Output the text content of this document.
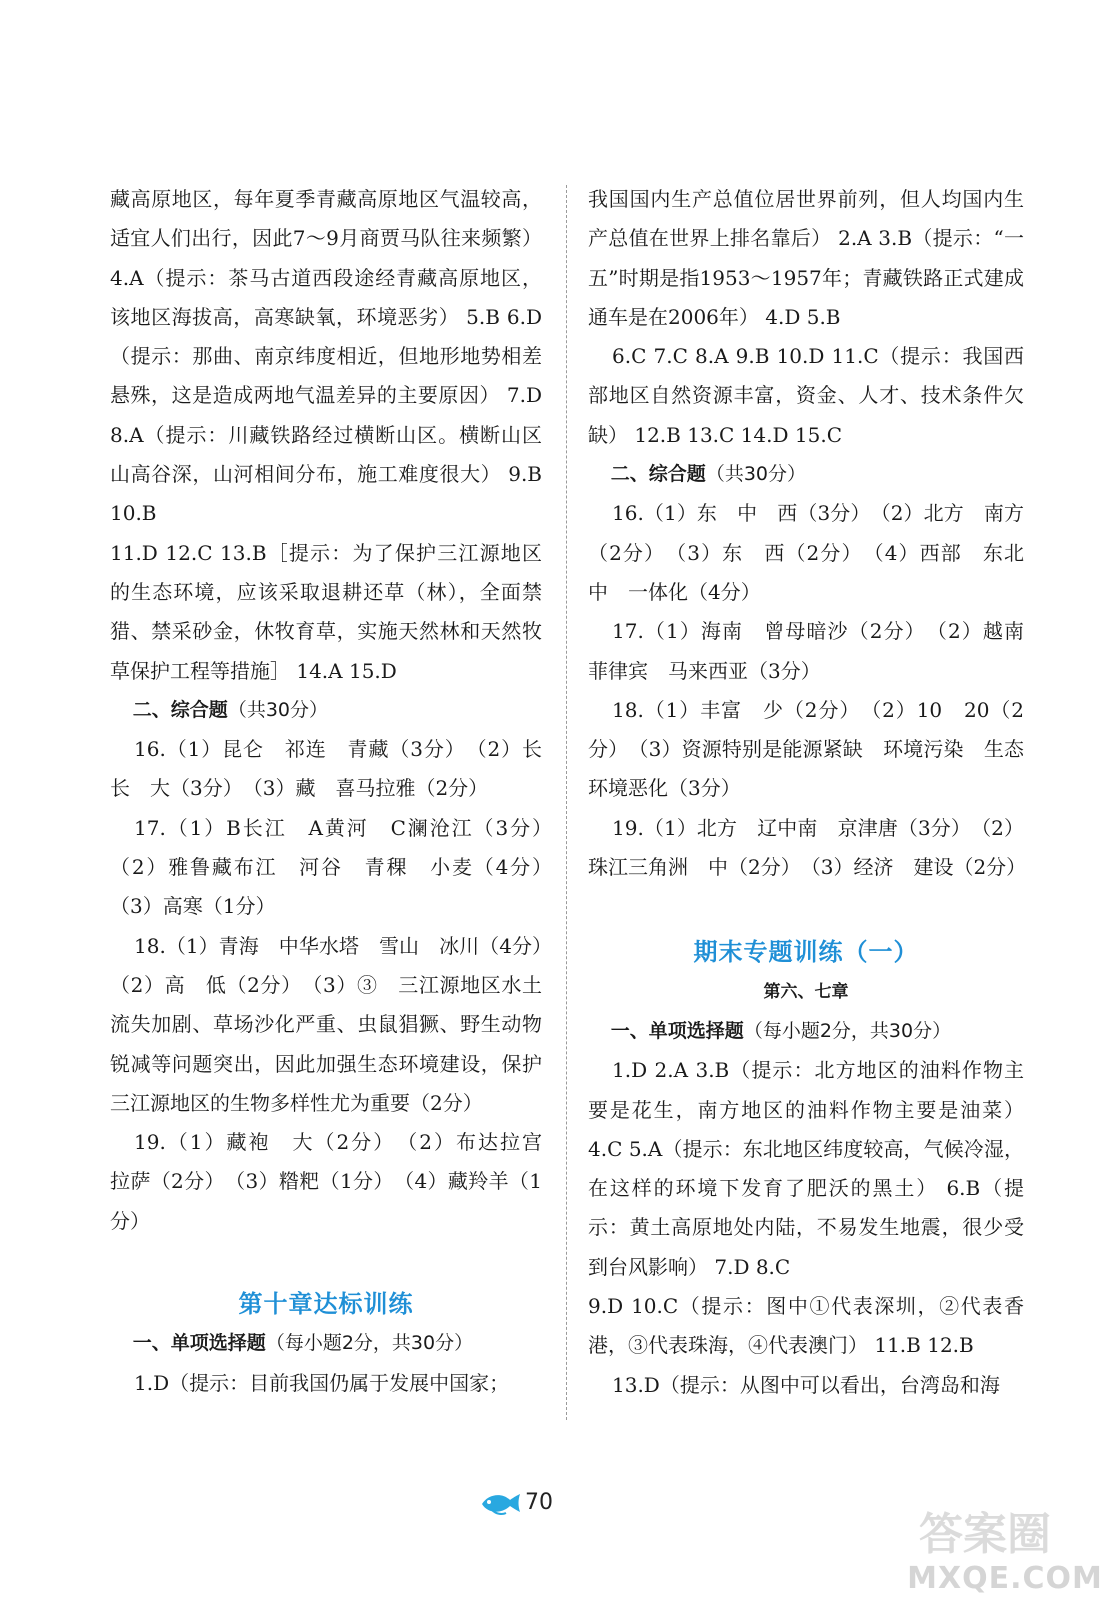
藏高原地区，每年夏季青藏高原地区气温较高，适宜人们出行，因此7～9月商贾马队往来频繁） 4.A（提示：茶马古道西段途经青藏高原地区，该地区海拔高，高寒缺氧，环境恶劣） 5.B 6.D（提示：那曲、南京纬度相近，但地形地势相差悬殊，这是造成两地气温差异的主要原因） 7.D 8.A（提示：川藏铁路经过横断山区。横断山区山高谷深，山河相间分布，施工难度很大） 9.B 10.B

11.D 12.C 13.B［提示：为了保护三江源地区的生态环境，应该采取退耕还草（林），全面禁猎、禁采砂金，休牧育草，实施天然林和天然牧草保护工程等措施］ 14.A 15.D

二、综合题（共30分）

16.（1）昆仑　祁连　青藏（3分）　（2）长　长　大（3分）　（3）藏　喜马拉雅（2分）

17.（1）B长江　A黄河　C澜沧江（3分）　（2）雅鲁藏布江　河谷　青稞　小麦（4分）　（3）高寒（1分）

18.（1）青海　中华水塔　雪山　冰川（4分）　（2）高　低（2分）　（3）③　三江源地区水土流失加剧、草场沙化严重、虫鼠猖獗、野生动物锐减等问题突出，因此加强生态环境建设，保护三江源地区的生物多样性尤为重要（2分）

19.（1）藏袍　大（2分）　（2）布达拉宫　拉萨（2分）　（3）糌粑（1分）　（4）藏羚羊（1分）

第十章达标训练

一、单项选择题（每小题2分，共30分）

1.D（提示：目前我国仍属于发展中国家；

我国国内生产总值位居世界前列，但人均国内生产总值在世界上排名靠后） 2.A 3.B（提示：“一五”时期是指1953～1957年；青藏铁路正式建成通车是在2006年） 4.D 5.B

6.C 7.C 8.A 9.B 10.D 11.C（提示：我国西部地区自然资源丰富，资金、人才、技术条件欠缺） 12.B 13.C 14.D 15.C

二、综合题（共30分）

16.（1）东　中　西（3分）　（2）北方　南方（2分）　（3）东　西（2分）　（4）西部　东北　中　一体化（4分）

17.（1）海南　曾母暗沙（2分）　（2）越南　菲律宾　马来西亚（3分）

18.（1）丰富　少（2分）　（2）10　20（2分）　（3）资源特别是能源紧缺　环境污染　生态环境恶化（3分）

19.（1）北方　辽中南　京津唐（3分）　（2）珠江三角洲　中（2分）　（3）经济　建设（2分）

期末专题训练（一）

第六、七章

一、单项选择题（每小题2分，共30分）

1.D 2.A 3.B（提示：北方地区的油料作物主要是花生，南方地区的油料作物主要是油菜） 4.C 5.A（提示：东北地区纬度较高，气候冷湿，在这样的环境下发育了肥沃的黑土） 6.B（提示：黄土高原地处内陆，不易发生地震，很少受到台风影响） 7.D 8.C

9.D 10.C（提示：图中①代表深圳，②代表香港，③代表珠海，④代表澳门） 11.B 12.B

13.D（提示：从图中可以看出，台湾岛和海

70
答案圈
MXQE.COM
